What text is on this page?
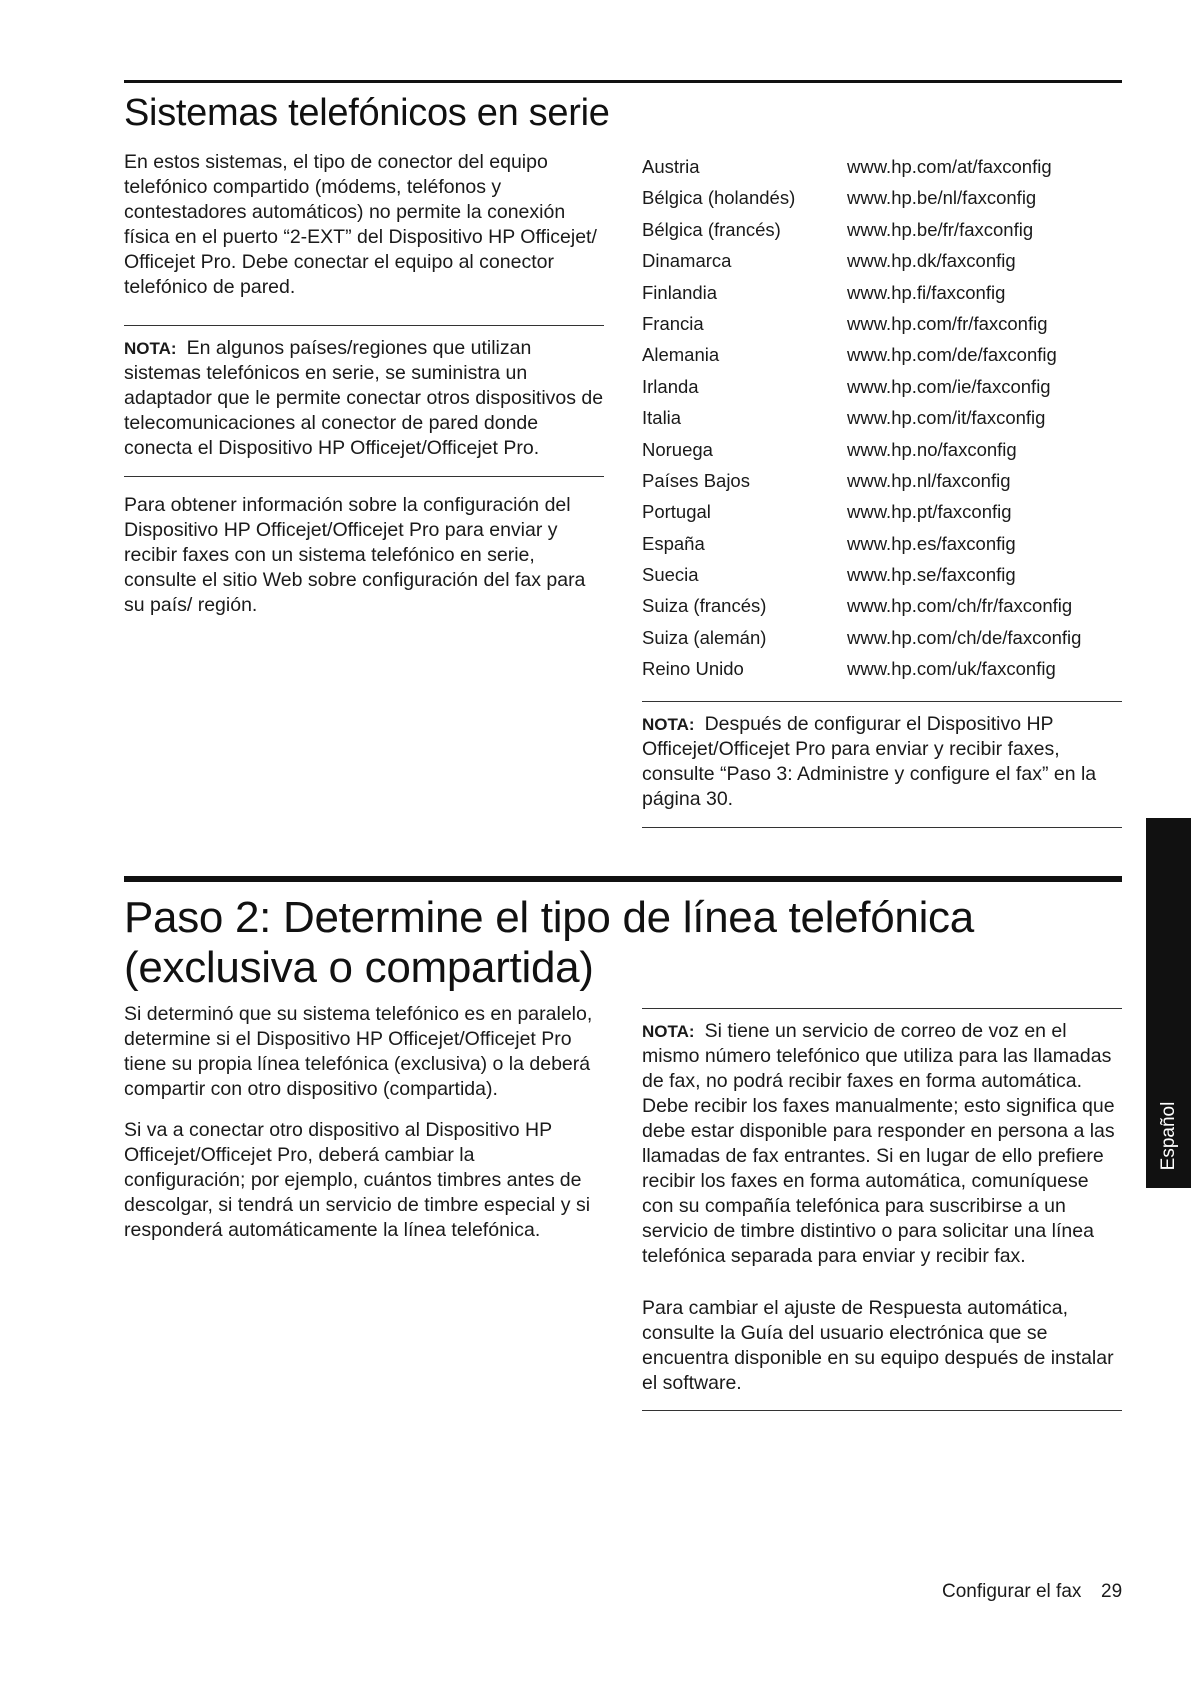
Sistemas telefónicos en serie

En estos sistemas, el tipo de conector del equipo telefónico compartido (módems, teléfonos y contestadores automáticos) no permite la conexión física en el puerto “2-EXT” del Dispositivo HP Officejet/ Officejet Pro. Debe conectar el equipo al conector telefónico de pared.

NOTA: En algunos países/regiones que utilizan sistemas telefónicos en serie, se suministra un adaptador que le permite conectar otros dispositivos de telecomunicaciones al conector de pared donde conecta el Dispositivo HP Officejet/Officejet Pro.

Para obtener información sobre la configuración del Dispositivo HP Officejet/Officejet Pro para enviar y recibir faxes con un sistema telefónico en serie, consulte el sitio Web sobre configuración del fax para su país/ región.

Austria	www.hp.com/at/faxconfig
Bélgica (holandés)	www.hp.be/nl/faxconfig
Bélgica (francés)	www.hp.be/fr/faxconfig
Dinamarca	www.hp.dk/faxconfig
Finlandia	www.hp.fi/faxconfig
Francia	www.hp.com/fr/faxconfig
Alemania	www.hp.com/de/faxconfig
Irlanda	www.hp.com/ie/faxconfig
Italia	www.hp.com/it/faxconfig
Noruega	www.hp.no/faxconfig
Países Bajos	www.hp.nl/faxconfig
Portugal	www.hp.pt/faxconfig
España	www.hp.es/faxconfig
Suecia	www.hp.se/faxconfig
Suiza (francés)	www.hp.com/ch/fr/faxconfig
Suiza (alemán)	www.hp.com/ch/de/faxconfig
Reino Unido	www.hp.com/uk/faxconfig

NOTA: Después de configurar el Dispositivo HP Officejet/Officejet Pro para enviar y recibir faxes, consulte “Paso 3: Administre y configure el fax” en la página 30.

Paso 2: Determine el tipo de línea telefónica (exclusiva o compartida)

Si determinó que su sistema telefónico es en paralelo, determine si el Dispositivo HP Officejet/Officejet Pro tiene su propia línea telefónica (exclusiva) o la deberá compartir con otro dispositivo (compartida).

Si va a conectar otro dispositivo al Dispositivo HP Officejet/Officejet Pro, deberá cambiar la configuración; por ejemplo, cuántos timbres antes de descolgar, si tendrá un servicio de timbre especial y si responderá automáticamente la línea telefónica.

NOTA: Si tiene un servicio de correo de voz en el mismo número telefónico que utiliza para las llamadas de fax, no podrá recibir faxes en forma automática. Debe recibir los faxes manualmente; esto significa que debe estar disponible para responder en persona a las llamadas de fax entrantes. Si en lugar de ello prefiere recibir los faxes en forma automática, comuníquese con su compañía telefónica para suscribirse a un servicio de timbre distintivo o para solicitar una línea telefónica separada para enviar y recibir fax.

Para cambiar el ajuste de Respuesta automática, consulte la Guía del usuario electrónica que se encuentra disponible en su equipo después de instalar el software.

Español
Configurar el fax 29
